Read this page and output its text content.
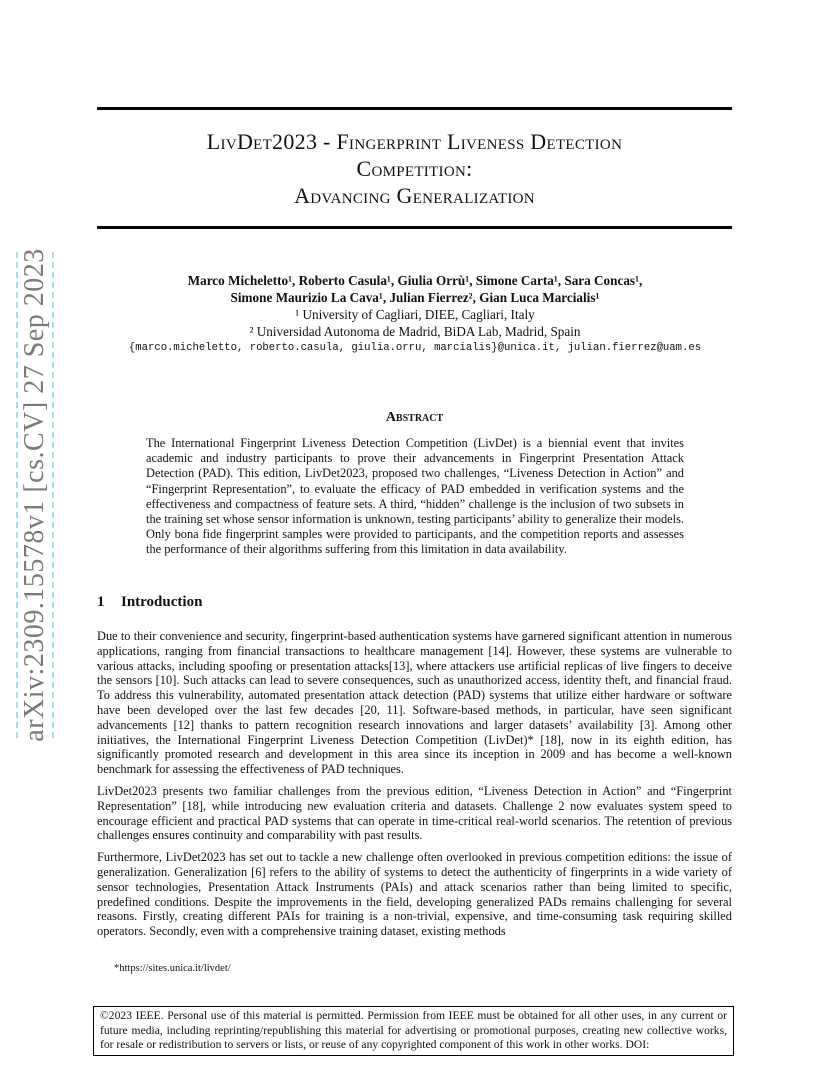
arXiv:2309.15578v1 [cs.CV] 27 Sep 2023
LivDet2023 - Fingerprint Liveness Detection
Competition:
Advancing Generalization
Marco Micheletto¹, Roberto Casula¹, Giulia Orrù¹, Simone Carta¹, Sara Concas¹,
Simone Maurizio La Cava¹, Julian Fierrez², Gian Luca Marcialis¹
¹ University of Cagliari, DIEE, Cagliari, Italy
² Universidad Autonoma de Madrid, BiDA Lab, Madrid, Spain
{marco.micheletto, roberto.casula, giulia.orru, marcialis}@unica.it, julian.fierrez@uam.es
Abstract
The International Fingerprint Liveness Detection Competition (LivDet) is a biennial event that invites academic and industry participants to prove their advancements in Fingerprint Presentation Attack Detection (PAD). This edition, LivDet2023, proposed two challenges, “Liveness Detection in Action” and “Fingerprint Representation”, to evaluate the efficacy of PAD embedded in verification systems and the effectiveness and compactness of feature sets. A third, “hidden” challenge is the inclusion of two subsets in the training set whose sensor information is unknown, testing participants’ ability to generalize their models. Only bona fide fingerprint samples were provided to participants, and the competition reports and assesses the performance of their algorithms suffering from this limitation in data availability.
1 Introduction

Due to their convenience and security, fingerprint-based authentication systems have garnered significant attention in numerous applications, ranging from financial transactions to healthcare management [14]. However, these systems are vulnerable to various attacks, including spoofing or presentation attacks[13], where attackers use artificial replicas of live fingers to deceive the sensors [10]. Such attacks can lead to severe consequences, such as unauthorized access, identity theft, and financial fraud. To address this vulnerability, automated presentation attack detection (PAD) systems that utilize either hardware or software have been developed over the last few decades [20, 11]. Software-based methods, in particular, have seen significant advancements [12] thanks to pattern recognition research innovations and larger datasets’ availability [3]. Among other initiatives, the International Fingerprint Liveness Detection Competition (LivDet)* [18], now in its eighth edition, has significantly promoted research and development in this area since its inception in 2009 and has become a well-known benchmark for assessing the effectiveness of PAD techniques.

LivDet2023 presents two familiar challenges from the previous edition, “Liveness Detection in Action” and “Fingerprint Representation” [18], while introducing new evaluation criteria and datasets. Challenge 2 now evaluates system speed to encourage efficient and practical PAD systems that can operate in time-critical real-world scenarios. The retention of previous challenges ensures continuity and comparability with past results.

Furthermore, LivDet2023 has set out to tackle a new challenge often overlooked in previous competition editions: the issue of generalization. Generalization [6] refers to the ability of systems to detect the authenticity of fingerprints in a wide variety of sensor technologies, Presentation Attack Instruments (PAIs) and attack scenarios rather than being limited to specific, predefined conditions. Despite the improvements in the field, developing generalized PADs remains challenging for several reasons. Firstly, creating different PAIs for training is a non-trivial, expensive, and time-consuming task requiring skilled operators. Secondly, even with a comprehensive training dataset, existing methods

*https://sites.unica.it/livdet/
©2023 IEEE. Personal use of this material is permitted. Permission from IEEE must be obtained for all other uses, in any current or future media, including reprinting/republishing this material for advertising or promotional purposes, creating new collective works, for resale or redistribution to servers or lists, or reuse of any copyrighted component of this work in other works. DOI:
